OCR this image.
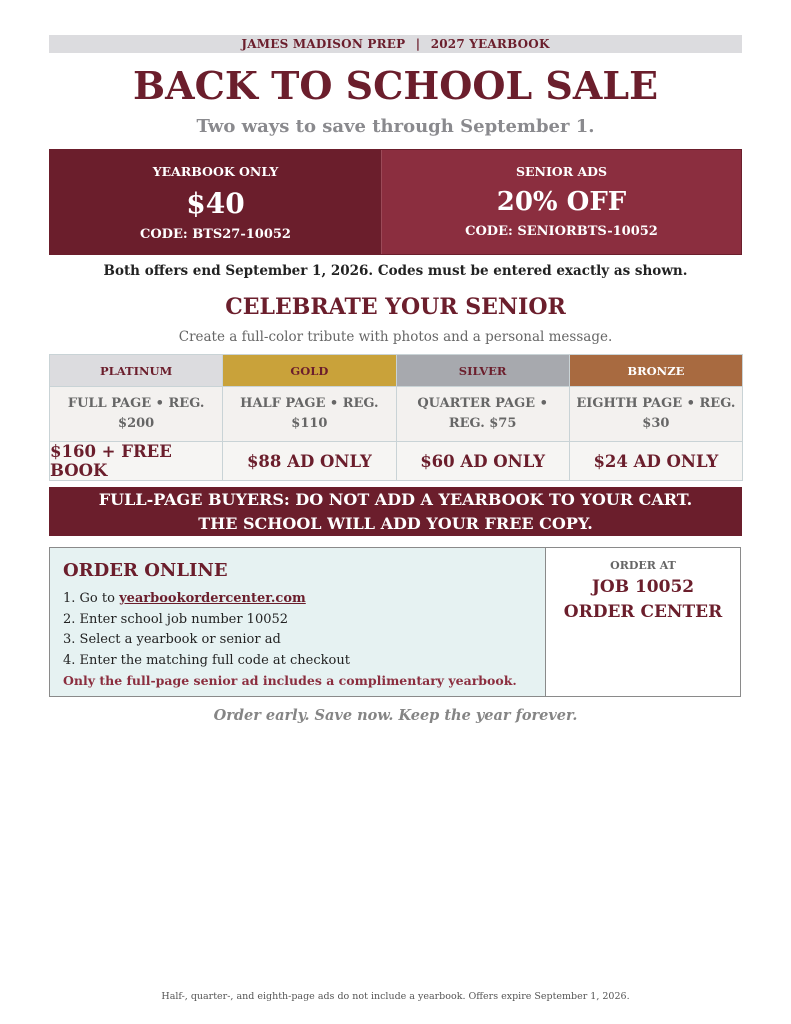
JAMES MADISON PREP | 2027 YEARBOOK
BACK TO SCHOOL SALE
Two ways to save through September 1.
YEARBOOK ONLY
$40
CODE: BTS27-10052
SENIOR ADS
20% OFF
CODE: SENIORBTS-10052
Both offers end September 1, 2026. Codes must be entered exactly as shown.
CELEBRATE YOUR SENIOR
Create a full-color tribute with photos and a personal message.
PLATINUM
FULL PAGE • REG. $200
$160 + FREE BOOK
GOLD
HALF PAGE • REG. $110
$88 AD ONLY
SILVER
QUARTER PAGE • REG. $75
$60 AD ONLY
BRONZE
EIGHTH PAGE • REG. $30
$24 AD ONLY
FULL-PAGE BUYERS: DO NOT ADD A YEARBOOK TO YOUR CART.
THE SCHOOL WILL ADD YOUR FREE COPY.
ORDER ONLINE
1. Go to yearbookordercenter.com
2. Enter school job number 10052
3. Select a yearbook or senior ad
4. Enter the matching full code at checkout
Only the full-page senior ad includes a complimentary yearbook.
ORDER AT
JOB 10052
ORDER CENTER
Order early. Save now. Keep the year forever.
Half-, quarter-, and eighth-page ads do not include a yearbook. Offers expire September 1, 2026.
